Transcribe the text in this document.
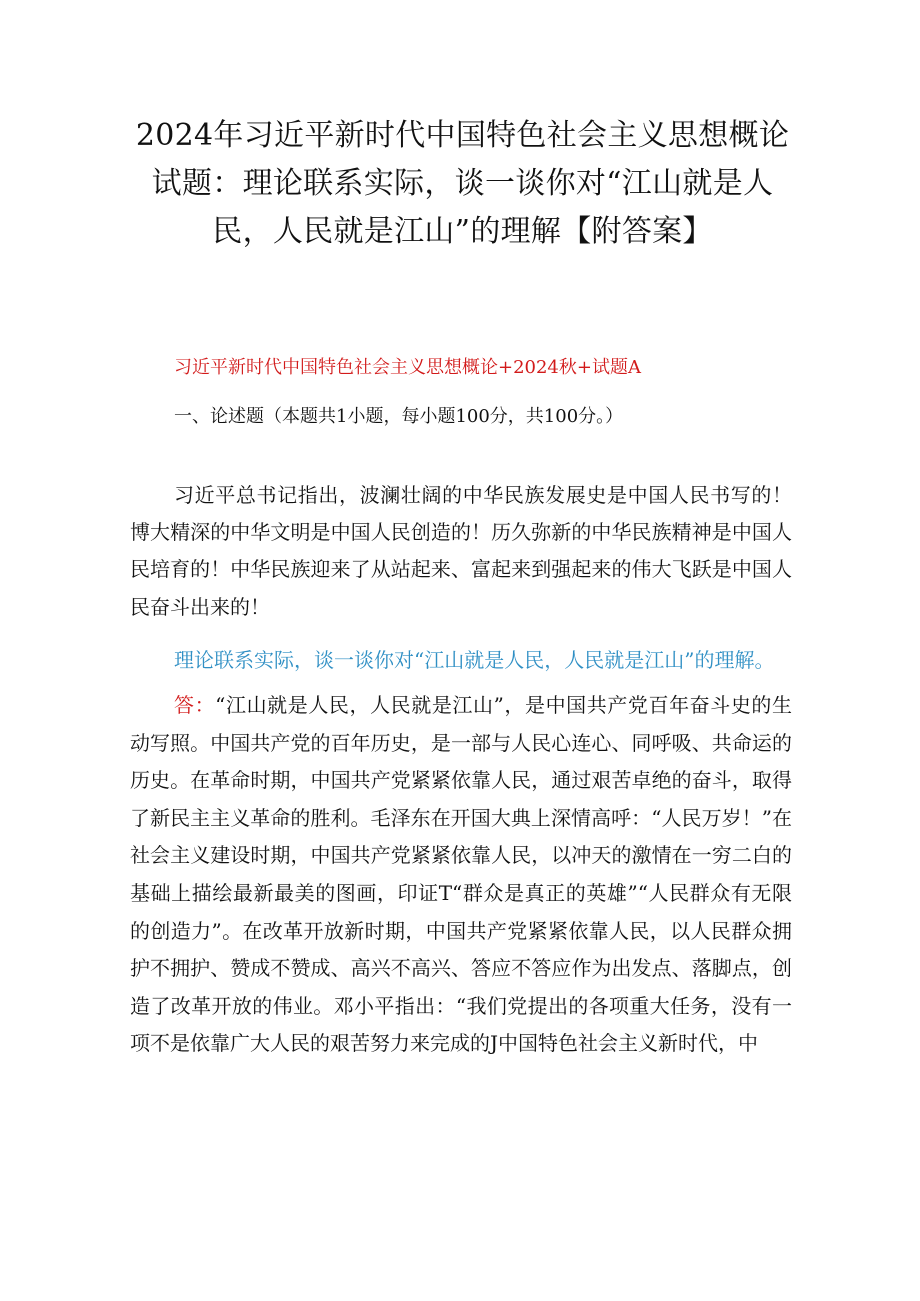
2024年习近平新时代中国特色社会主义思想概论试题：理论联系实际，谈一谈你对“江山就是人民，人民就是江山”的理解【附答案】
习近平新时代中国特色社会主义思想概论+2024秋+试题A
一、论述题（本题共1小题，每小题100分，共100分。）

习近平总书记指出，波澜壮阔的中华民族发展史是中国人民书写的！博大精深的中华文明是中国人民创造的！历久弥新的中华民族精神是中国人民培育的！中华民族迎来了从站起来、富起来到强起来的伟大飞跃是中国人民奋斗出来的！

理论联系实际，谈一谈你对“江山就是人民，人民就是江山”的理解。

答：“江山就是人民，人民就是江山”，是中国共产党百年奋斗史的生动写照。中国共产党的百年历史，是一部与人民心连心、同呼吸、共命运的历史。在革命时期，中国共产党紧紧依靠人民，通过艰苦卓绝的奋斗，取得了新民主主义革命的胜利。毛泽东在开国大典上深情高呼：“人民万岁！”在社会主义建设时期，中国共产党紧紧依靠人民，以冲天的激情在一穷二白的基础上描绘最新最美的图画，印证T“群众是真正的英雄”“人民群众有无限的创造力”。在改革开放新时期，中国共产党紧紧依靠人民，以人民群众拥护不拥护、赞成不赞成、高兴不高兴、答应不答应作为出发点、落脚点，创造了改革开放的伟业。邓小平指出：“我们党提出的各项重大任务，没有一项不是依靠广大人民的艰苦努力来完成的J中国特色社会主义新时代，中
